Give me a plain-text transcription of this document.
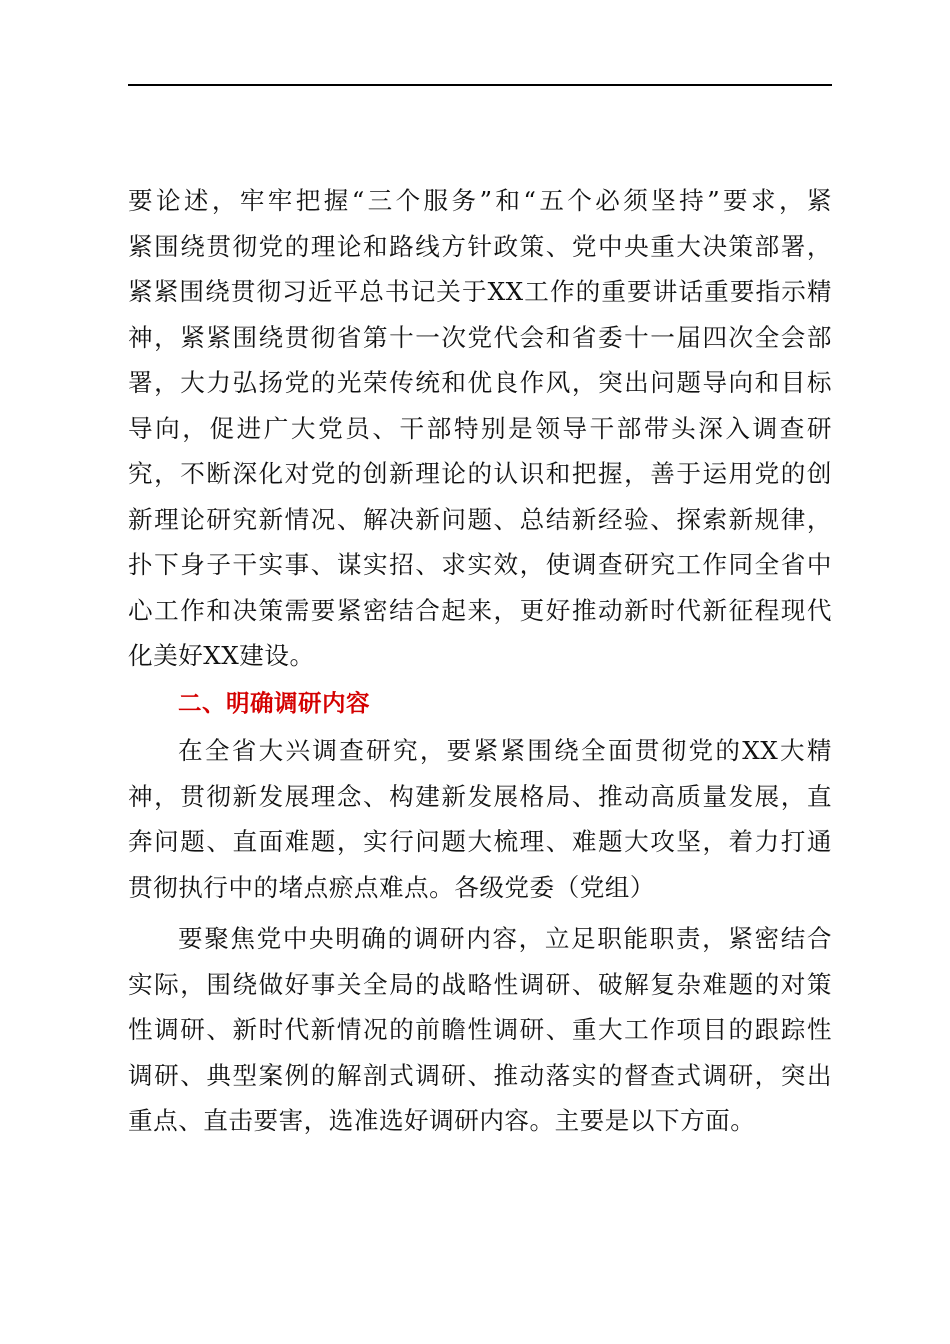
要论述，牢牢把握“三个服务”和“五个必须坚持”要求，紧
紧围绕贯彻党的理论和路线方针政策、党中央重大决策部署，
紧紧围绕贯彻习近平总书记关于XX工作的重要讲话重要指示精
神，紧紧围绕贯彻省第十一次党代会和省委十一届四次全会部
署，大力弘扬党的光荣传统和优良作风，突出问题导向和目标
导向，促进广大党员、干部特别是领导干部带头深入调查研
究，不断深化对党的创新理论的认识和把握，善于运用党的创
新理论研究新情况、解决新问题、总结新经验、探索新规律，
扑下身子干实事、谋实招、求实效，使调查研究工作同全省中
心工作和决策需要紧密结合起来，更好推动新时代新征程现代
化美好XX建设。
二、明确调研内容
在全省大兴调查研究，要紧紧围绕全面贯彻党的XX大精
神，贯彻新发展理念、构建新发展格局、推动高质量发展，直
奔问题、直面难题，实行问题大梳理、难题大攻坚，着力打通
贯彻执行中的堵点瘀点难点。各级党委（党组）
要聚焦党中央明确的调研内容，立足职能职责，紧密结合
实际，围绕做好事关全局的战略性调研、破解复杂难题的对策
性调研、新时代新情况的前瞻性调研、重大工作项目的跟踪性
调研、典型案例的解剖式调研、推动落实的督查式调研，突出
重点、直击要害，选准选好调研内容。主要是以下方面。
